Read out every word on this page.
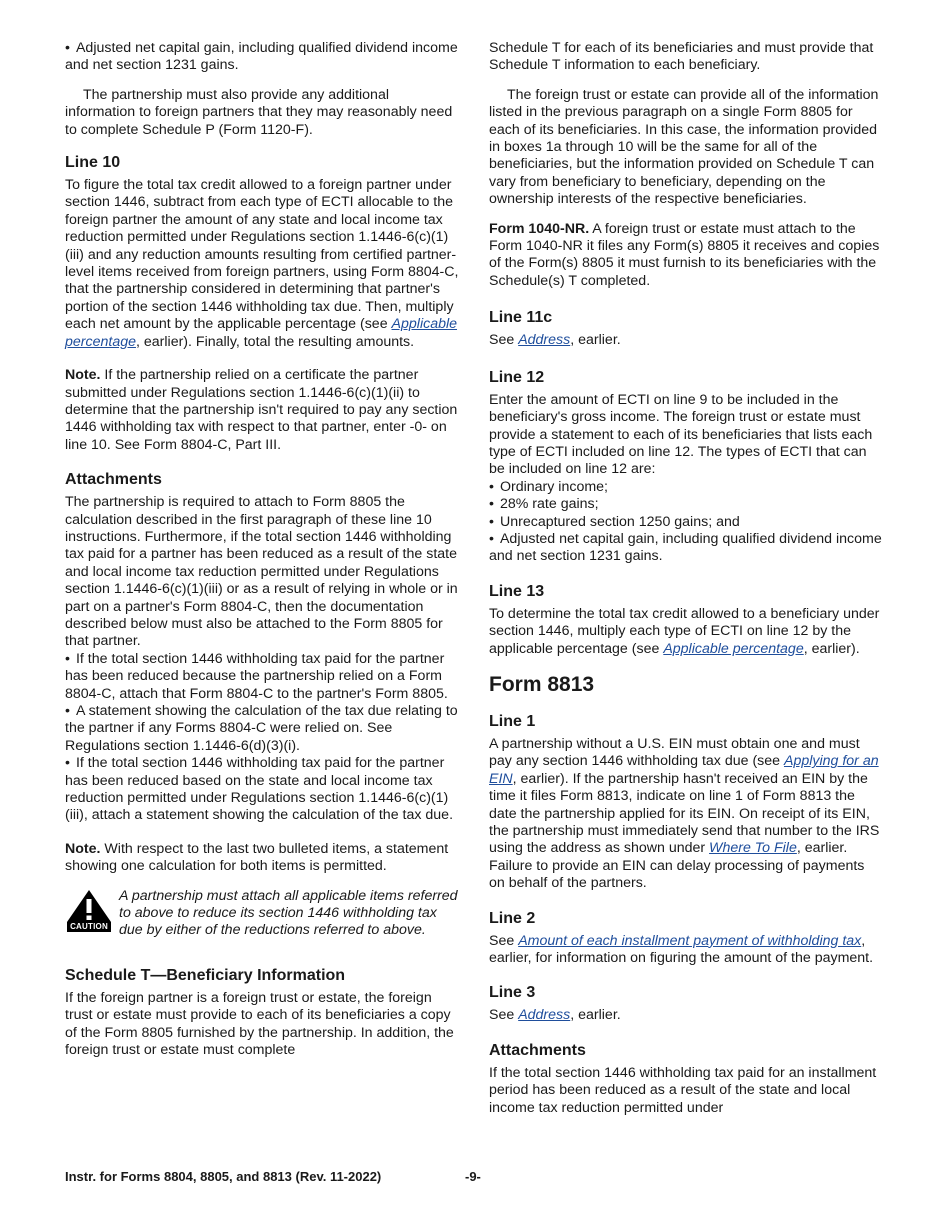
• Adjusted net capital gain, including qualified dividend income and net section 1231 gains.

The partnership must also provide any additional information to foreign partners that they may reasonably need to complete Schedule P (Form 1120-F).

Line 10

To figure the total tax credit allowed to a foreign partner under section 1446, subtract from each type of ECTI allocable to the foreign partner the amount of any state and local income tax reduction permitted under Regulations section 1.1446-6(c)(1)(iii) and any reduction amounts resulting from certified partner-level items received from foreign partners, using Form 8804-C, that the partnership considered in determining that partner's portion of the section 1446 withholding tax due. Then, multiply each net amount by the applicable percentage (see Applicable percentage, earlier). Finally, total the resulting amounts.

Note. If the partnership relied on a certificate the partner submitted under Regulations section 1.1446-6(c)(1)(ii) to determine that the partnership isn't required to pay any section 1446 withholding tax with respect to that partner, enter -0- on line 10. See Form 8804-C, Part III.

Attachments

The partnership is required to attach to Form 8805 the calculation described in the first paragraph of these line 10 instructions. Furthermore, if the total section 1446 withholding tax paid for a partner has been reduced as a result of the state and local income tax reduction permitted under Regulations section 1.1446-6(c)(1)(iii) or as a result of relying in whole or in part on a partner's Form 8804-C, then the documentation described below must also be attached to the Form 8805 for that partner.

• If the total section 1446 withholding tax paid for the partner has been reduced because the partnership relied on a Form 8804-C, attach that Form 8804-C to the partner's Form 8805.
• A statement showing the calculation of the tax due relating to the partner if any Forms 8804-C were relied on. See Regulations section 1.1446-6(d)(3)(i).
• If the total section 1446 withholding tax paid for the partner has been reduced based on the state and local income tax reduction permitted under Regulations section 1.1446-6(c)(1)(iii), attach a statement showing the calculation of the tax due.

Note. With respect to the last two bulleted items, a statement showing one calculation for both items is permitted.

CAUTION
A partnership must attach all applicable items referred to above to reduce its section 1446 withholding tax due by either of the reductions referred to above.
Schedule T—Beneficiary Information

If the foreign partner is a foreign trust or estate, the foreign trust or estate must provide to each of its beneficiaries a copy of the Form 8805 furnished by the partnership. In addition, the foreign trust or estate must complete

Schedule T for each of its beneficiaries and must provide that Schedule T information to each beneficiary.

The foreign trust or estate can provide all of the information listed in the previous paragraph on a single Form 8805 for each of its beneficiaries. In this case, the information provided in boxes 1a through 10 will be the same for all of the beneficiaries, but the information provided on Schedule T can vary from beneficiary to beneficiary, depending on the ownership interests of the respective beneficiaries.

Form 1040-NR. A foreign trust or estate must attach to the Form 1040-NR it files any Form(s) 8805 it receives and copies of the Form(s) 8805 it must furnish to its beneficiaries with the Schedule(s) T completed.

Line 11c

See Address, earlier.

Line 12

Enter the amount of ECTI on line 9 to be included in the beneficiary's gross income. The foreign trust or estate must provide a statement to each of its beneficiaries that lists each type of ECTI included on line 12. The types of ECTI that can be included on line 12 are:

• Ordinary income;
• 28% rate gains;
• Unrecaptured section 1250 gains; and
• Adjusted net capital gain, including qualified dividend income and net section 1231 gains.
Line 13

To determine the total tax credit allowed to a beneficiary under section 1446, multiply each type of ECTI on line 12 by the applicable percentage (see Applicable percentage, earlier).

Form 8813
Line 1

A partnership without a U.S. EIN must obtain one and must pay any section 1446 withholding tax due (see Applying for an EIN, earlier). If the partnership hasn't received an EIN by the time it files Form 8813, indicate on line 1 of Form 8813 the date the partnership applied for its EIN. On receipt of its EIN, the partnership must immediately send that number to the IRS using the address as shown under Where To File, earlier. Failure to provide an EIN can delay processing of payments on behalf of the partners.

Line 2

See Amount of each installment payment of withholding tax, earlier, for information on figuring the amount of the payment.

Line 3

See Address, earlier.

Attachments

If the total section 1446 withholding tax paid for an installment period has been reduced as a result of the state and local income tax reduction permitted under

Instr. for Forms 8804, 8805, and 8813 (Rev. 11-2022)	-9-
